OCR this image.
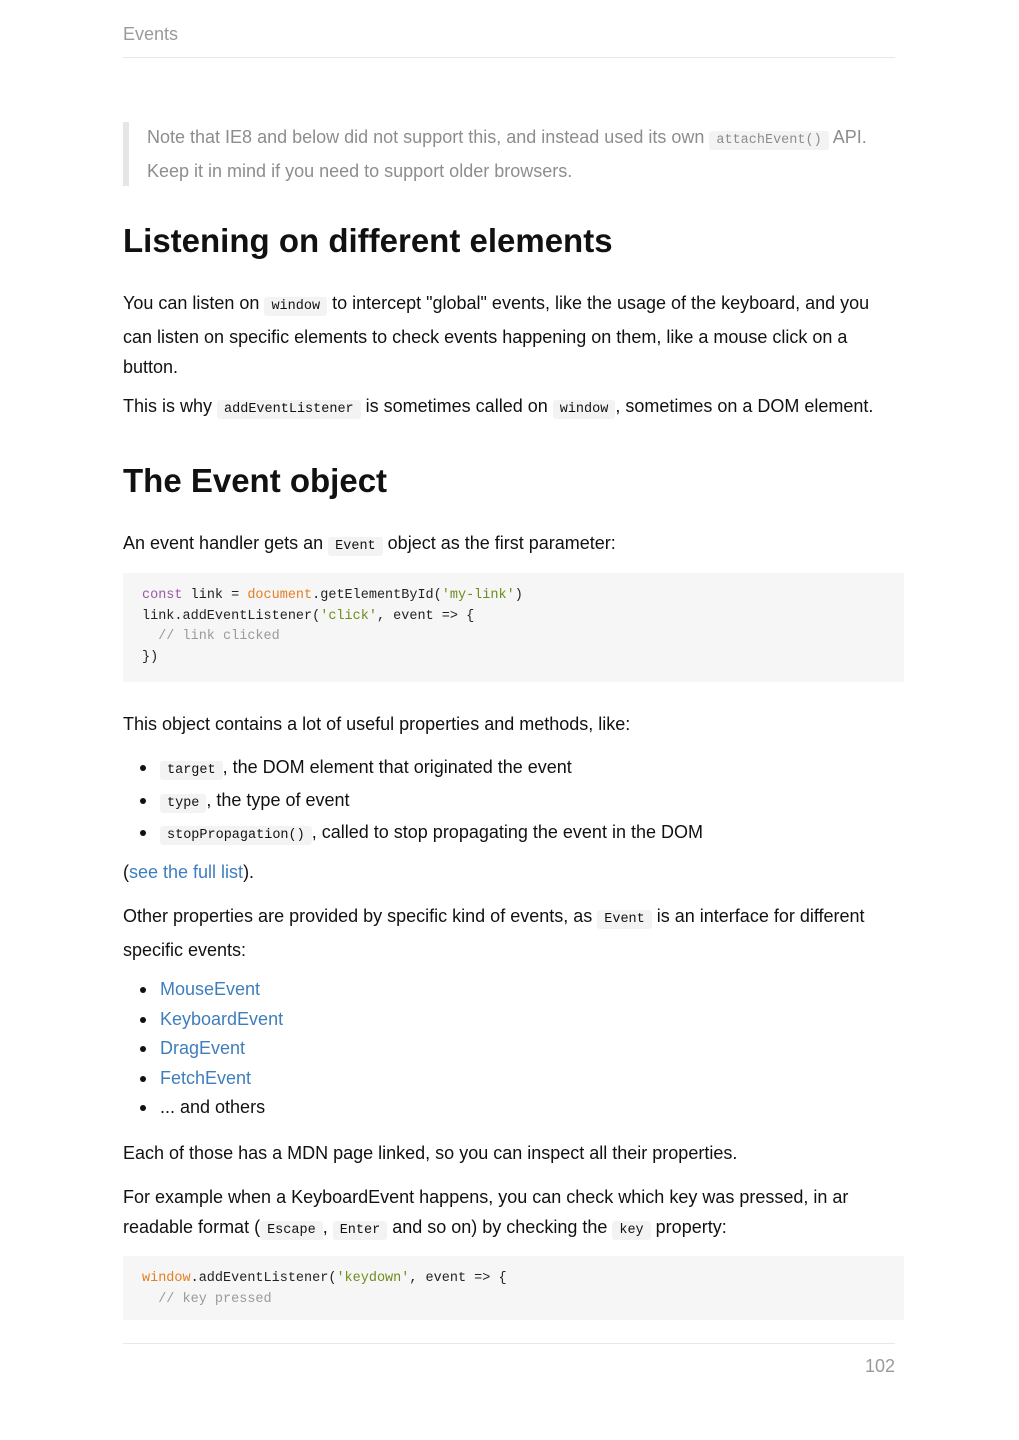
Events
Note that IE8 and below did not support this, and instead used its own attachEvent() API. Keep it in mind if you need to support older browsers.
Listening on different elements

You can listen on window to intercept "global" events, like the usage of the keyboard, and you can listen on specific elements to check events happening on them, like a mouse click on a button.

This is why addEventListener is sometimes called on window , sometimes on a DOM element.

The Event object

An event handler gets an Event object as the first parameter:

const link = document.getElementById('my-link')
link.addEventListener('click', event => {
// link clicked
})

This object contains a lot of useful properties and methods, like:

target , the DOM element that originated the event
type , the type of event
stopPropagation() , called to stop propagating the event in the DOM

(see the full list).

Other properties are provided by specific kind of events, as Event is an interface for different specific events:

MouseEvent
KeyboardEvent
DragEvent
FetchEvent
... and others

Each of those has a MDN page linked, so you can inspect all their properties.

For example when a KeyboardEvent happens, you can check which key was pressed, in ar readable format ( Escape , Enter and so on) by checking the key property:

window.addEventListener('keydown', event => {
// key pressed
102
